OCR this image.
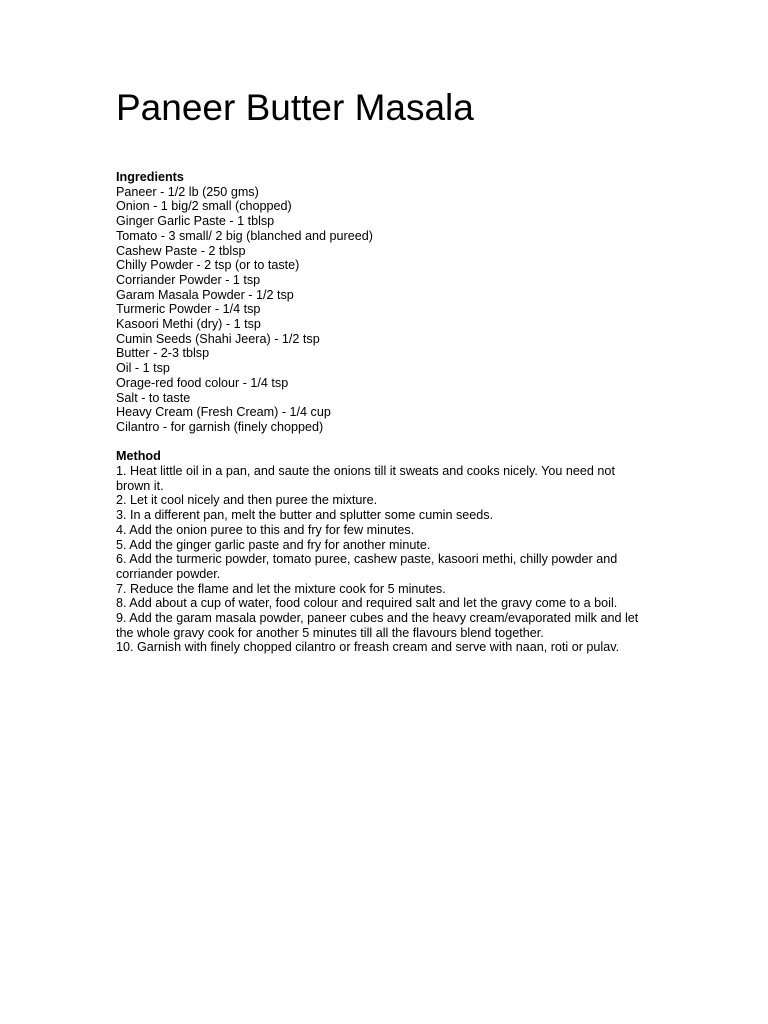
Paneer Butter Masala

Ingredients

Paneer - 1/2 lb (250 gms)

Onion - 1 big/2 small (chopped)

Ginger Garlic Paste - 1 tblsp

Tomato - 3 small/ 2 big (blanched and pureed)

Cashew Paste - 2 tblsp

Chilly Powder - 2 tsp (or to taste)

Corriander Powder - 1 tsp

Garam Masala Powder - 1/2 tsp

Turmeric Powder - 1/4 tsp

Kasoori Methi (dry) - 1 tsp

Cumin Seeds (Shahi Jeera) - 1/2 tsp

Butter - 2-3 tblsp

Oil - 1 tsp

Orage-red food colour - 1/4 tsp

Salt - to taste

Heavy Cream (Fresh Cream) - 1/4 cup

Cilantro - for garnish (finely chopped)

Method

1. Heat little oil in a pan, and saute the onions till it sweats and cooks nicely. You need not brown it.

2. Let it cool nicely and then puree the mixture.

3. In a different pan, melt the butter and splutter some cumin seeds.

4. Add the onion puree to this and fry for few minutes.

5. Add the ginger garlic paste and fry for another minute.

6. Add the turmeric powder, tomato puree, cashew paste, kasoori methi, chilly powder and corriander powder.

7. Reduce the flame and let the mixture cook for 5 minutes.

8. Add about a cup of water, food colour and required salt and let the gravy come to a boil.

9. Add the garam masala powder, paneer cubes and the heavy cream/evaporated milk and let the whole gravy cook for another 5 minutes till all the flavours blend together.

10. Garnish with finely chopped cilantro or freash cream and serve with naan, roti or pulav.
